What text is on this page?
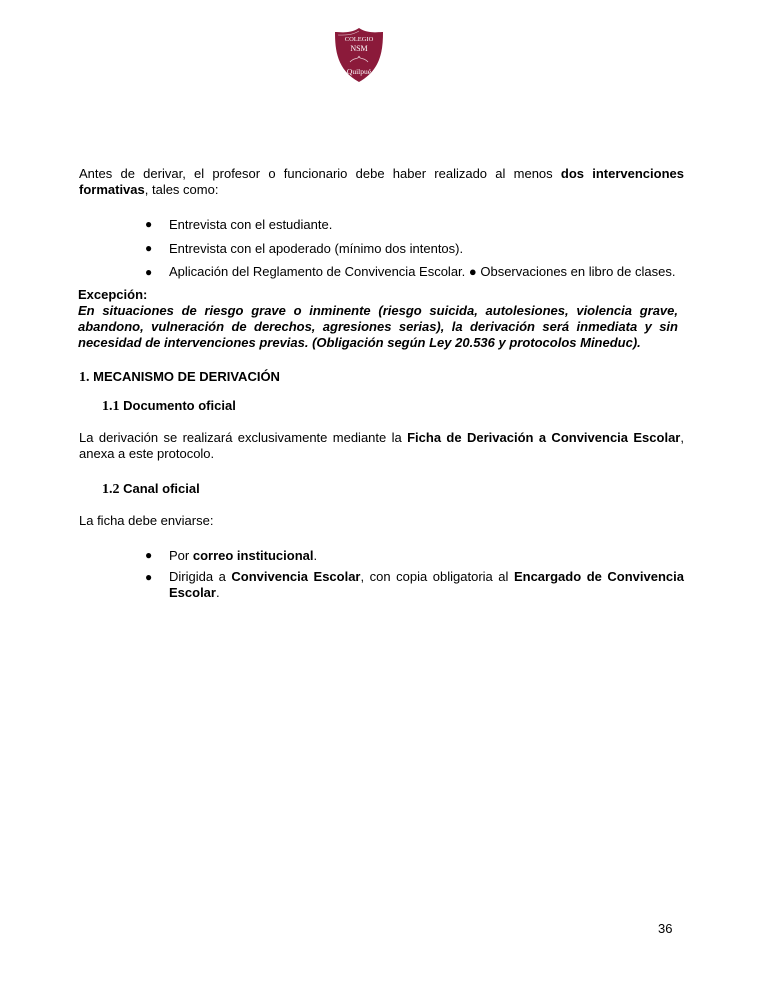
COLEGIO
NSM
Quilpué
Antes de derivar, el profesor o funcionario debe haber realizado al menos dos intervenciones formativas, tales como:
● Entrevista con el estudiante.
● Entrevista con el apoderado (mínimo dos intentos).
● Aplicación del Reglamento de Convivencia Escolar. ● Observaciones en libro de clases.
Excepción:
En situaciones de riesgo grave o inminente (riesgo suicida, autolesiones, violencia grave, abandono, vulneración de derechos, agresiones serias), la derivación será inmediata y sin necesidad de intervenciones previas. (Obligación según Ley 20.536 y protocolos Mineduc).
1. MECANISMO DE DERIVACIÓN
1.1 Documento oficial
La derivación se realizará exclusivamente mediante la Ficha de Derivación a Convivencia Escolar, anexa a este protocolo.
1.2 Canal oficial
La ficha debe enviarse:
● Por correo institucional.
● Dirigida a Convivencia Escolar, con copia obligatoria al Encargado de Convivencia Escolar.
36
